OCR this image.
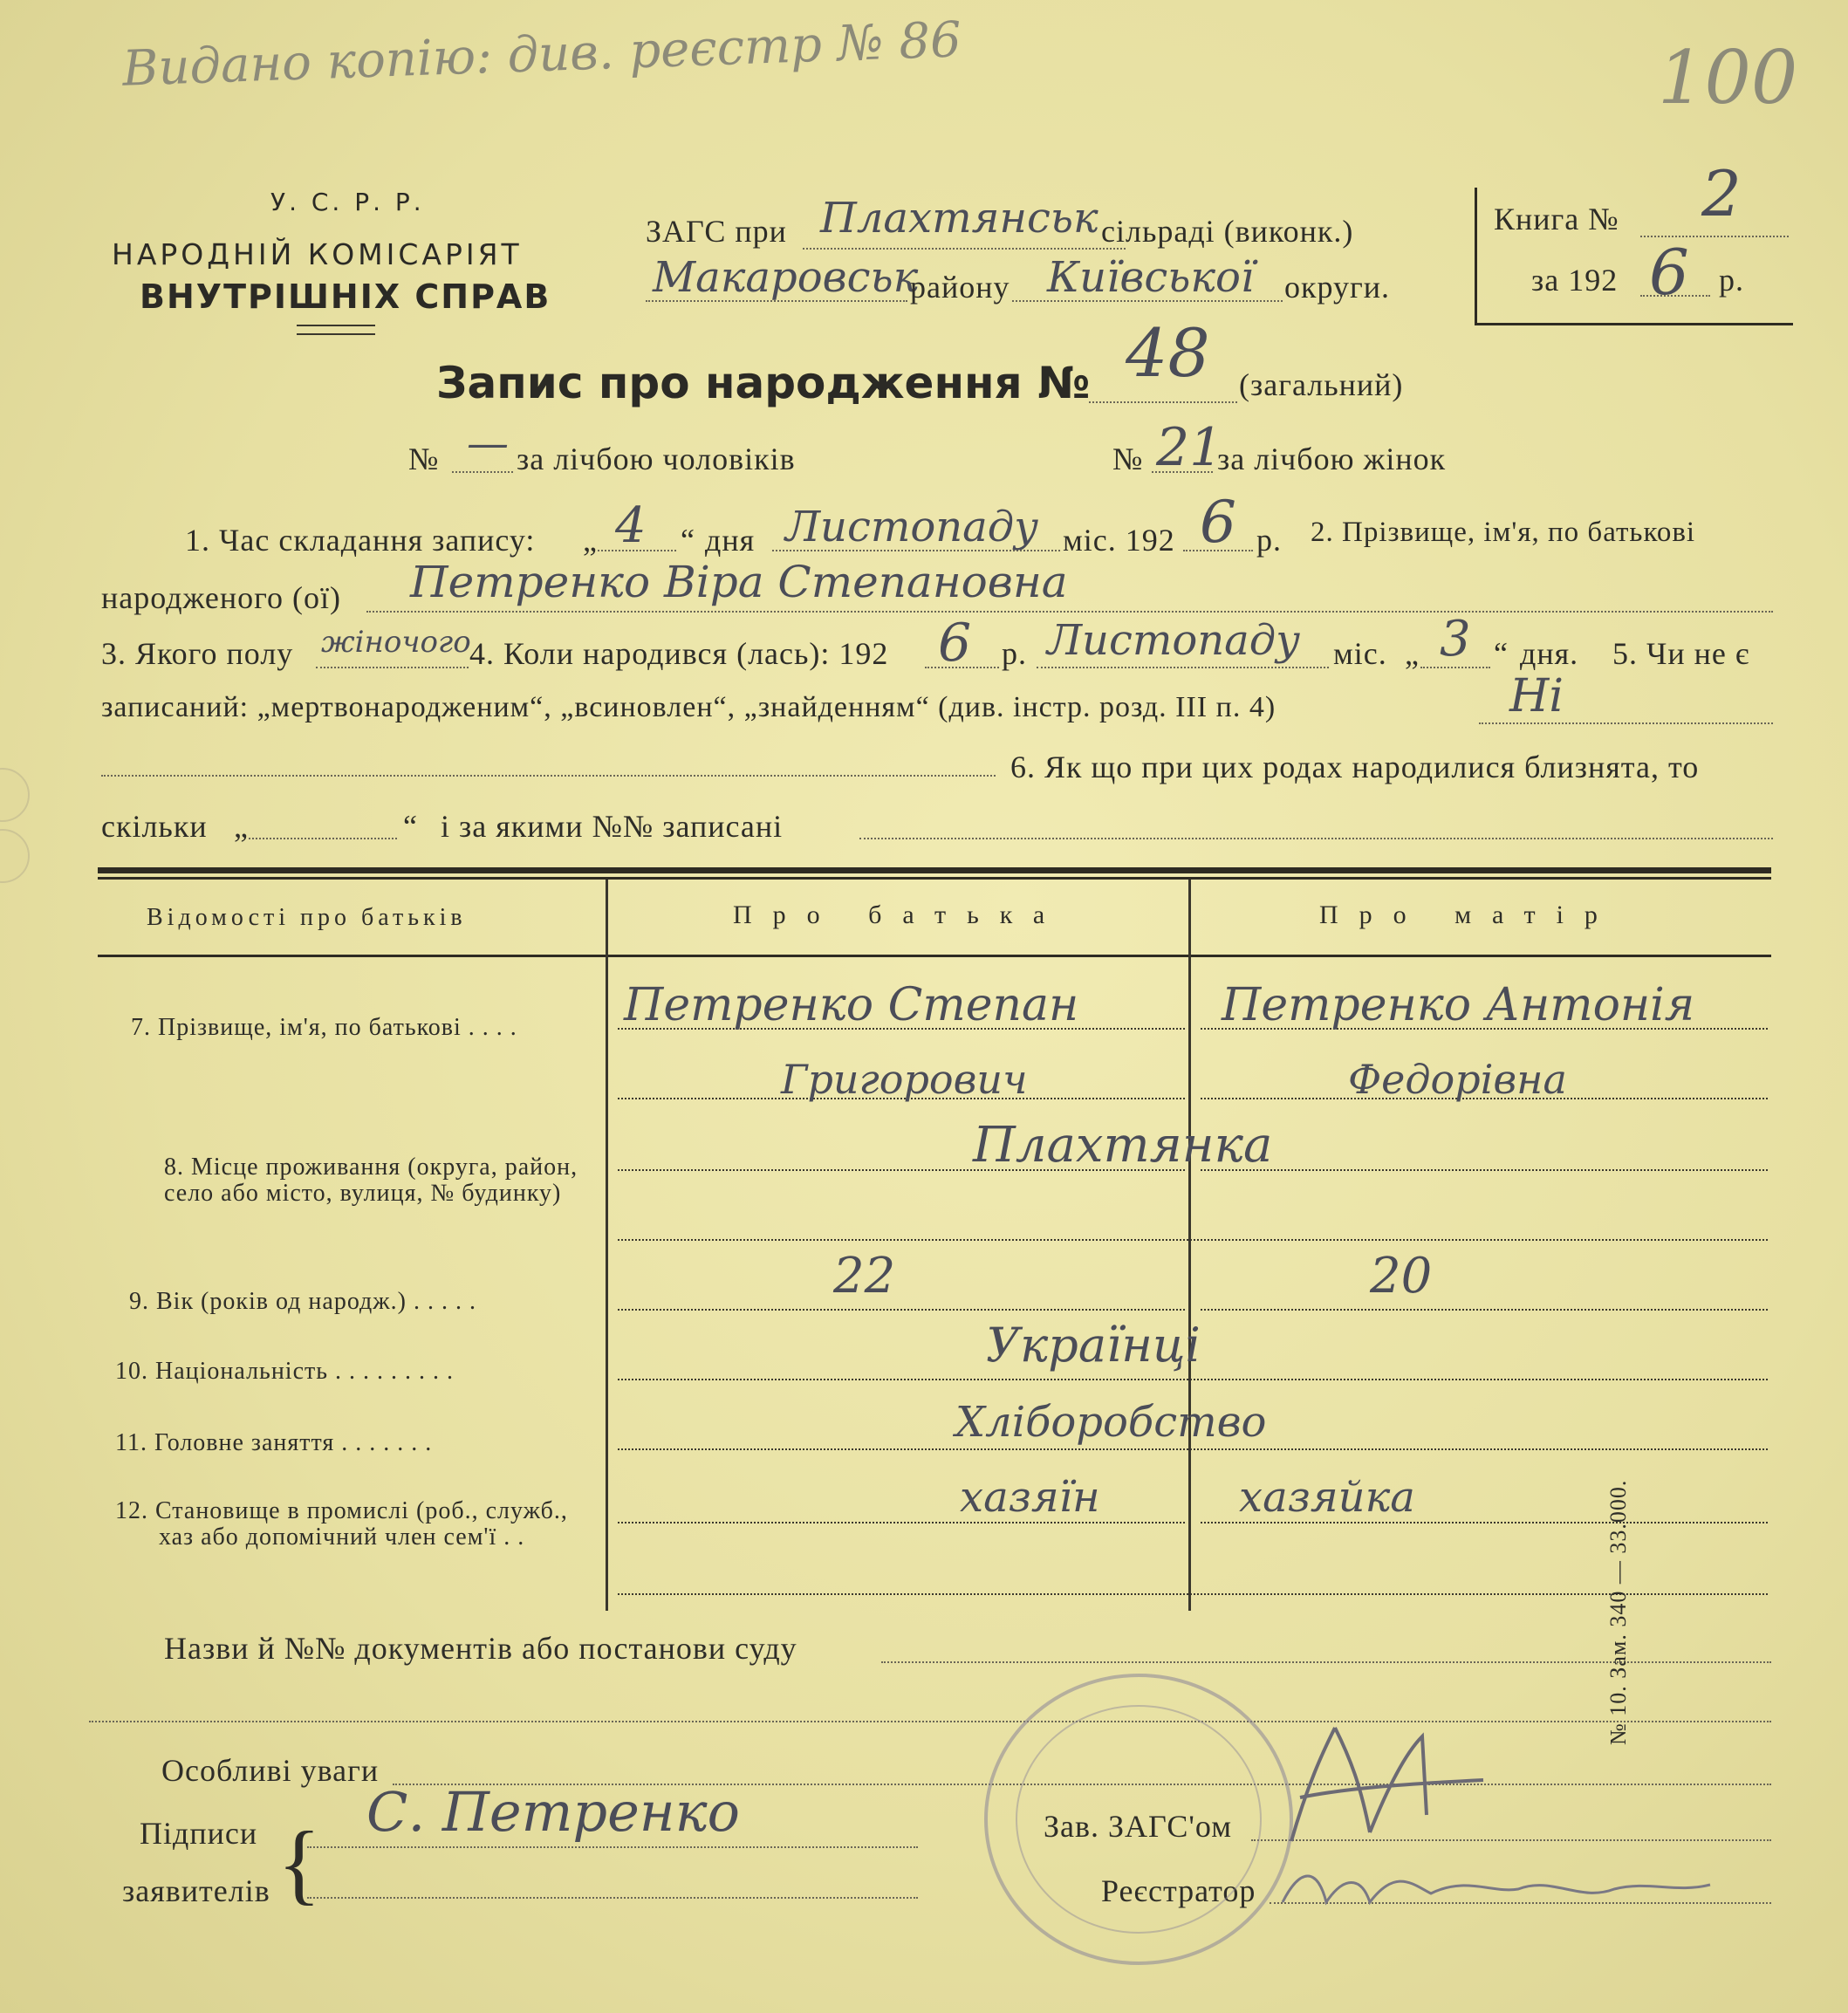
Видано копію: див. реєстр № 86	100
У. С. Р. Р.
НАРОДНІЙ КОМІСАРІЯТ
ВНУТРІШНІХ СПРАВ
ЗАГС при Плахтянськ сільраді (виконк.)
Макаровськ
району Київської округи.
Книга № 2
за 192 6 р.
Запис про народження № 48 (загальний)
№ — за лічбою чоловіків	№ 21
за лічбою жінок
1. Час складання запису: „ 4 “ дня Листопаду міс. 192 6 р. 2. Прізвище, ім'я, по батькові
народженого (ої) Петренко Віра Степановна
3. Якого полу жіночого
4. Коли народився (лась): 192 6 р. Листопаду міс. „ 3 “ дня. 5. Чи не є
записаний: „мертвонародженим“, „всиновлен“, „знайденням“ (див. інстр. розд. III п. 4)	Ні
6. Як що при цих родах народилися близнята, то
скільки „	“ і за якими №№ записані
Відомості про батьків	Про батька	Про матір
7. Прізвище, ім'я, по батькові . . . . Петренко Степан	Петренко Антонія
Григорович	Федорівна
8. Місце проживання (округа, район,
село або місто, вулиця, № будинку)
Плахтянка
9. Вік (років од народж.) . . . . .	22	20
10. Національність . . . . . . . . .	Українці
11. Головне заняття . . . . . . .	Хліборобство
12. Становище в промислі (роб., служб.,
хаз або допомічний член сем'ї . .
хазяїн	хазяйка
Назви й №№ документів або постанови суду
Особливі уваги
Підписи
заявителів {
С. Петренко	Зав. ЗАГС'ом
Реєстратор
№ 10. Зам. 340 — 33.000.
